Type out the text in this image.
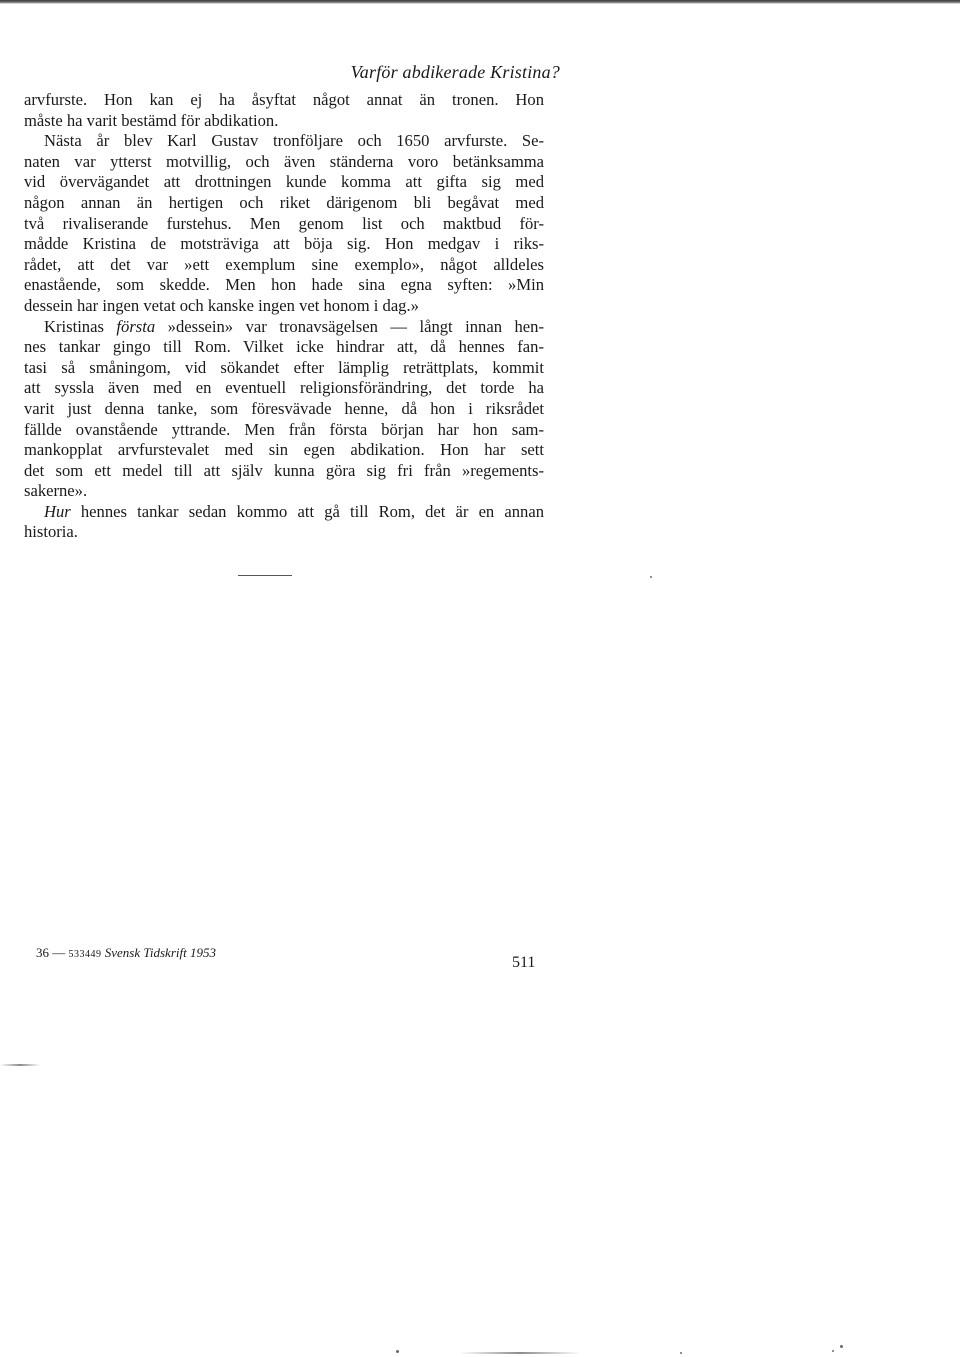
Varför abdikerade Kristina?

arvfurste. Hon kan ej ha åsyftat något annat än tronen. Hon
måste ha varit bestämd för abdikation.

Nästa år blev Karl Gustav tronföljare och 1650 arvfurste. Se-
naten var ytterst motvillig, och även ständerna voro betänksamma
vid övervägandet att drottningen kunde komma att gifta sig med
någon annan än hertigen och riket därigenom bli begåvat med
två rivaliserande furstehus. Men genom list och maktbud för-
mådde Kristina de motsträviga att böja sig. Hon medgav i riks-
rådet, att det var »ett exemplum sine exemplo», något alldeles
enastående, som skedde. Men hon hade sina egna syften: »Min
dessein har ingen vetat och kanske ingen vet honom i dag.»

Kristinas första »dessein» var tronavsägelsen — långt innan hen-
nes tankar gingo till Rom. Vilket icke hindrar att, då hennes fan-
tasi så småningom, vid sökandet efter lämplig reträttplats, kommit
att syssla även med en eventuell religionsförändring, det torde ha
varit just denna tanke, som föresvävade henne, då hon i riksrådet
fällde ovanstående yttrande. Men från första början har hon sam-
mankopplat arvfurstevalet med sin egen abdikation. Hon har sett
det som ett medel till att själv kunna göra sig fri från »regements-
sakerne».

Hur hennes tankar sedan kommo att gå till Rom, det är en annan
historia.

36 — 533449 Svensk Tidskrift 1953
511
